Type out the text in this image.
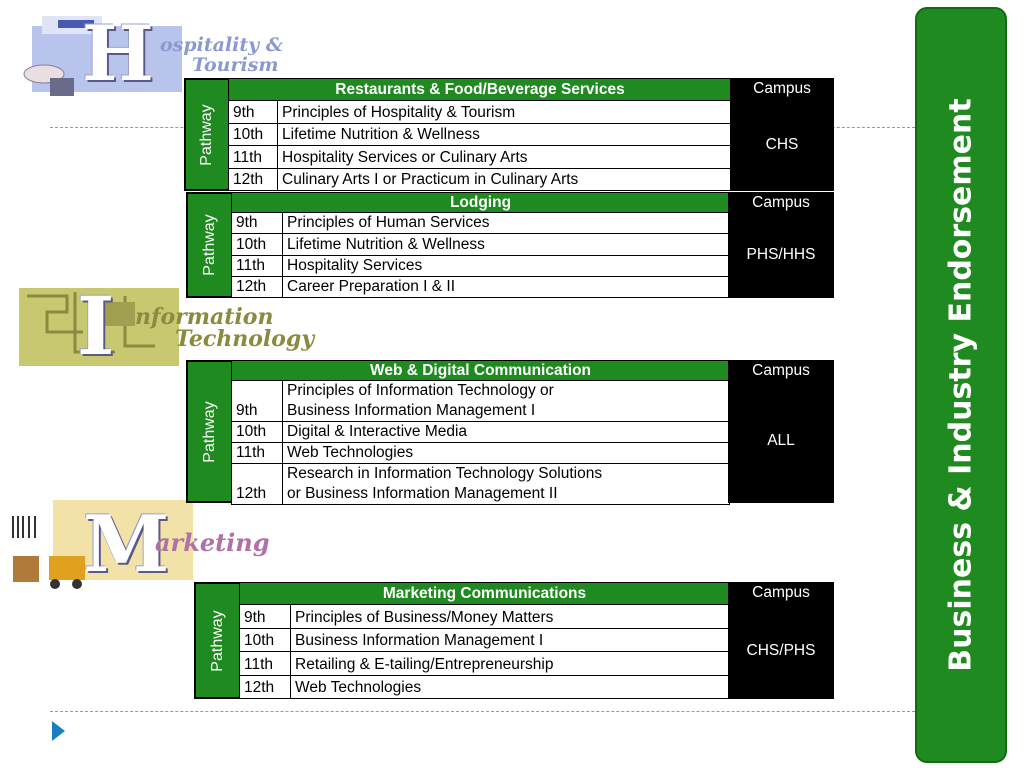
Business & Industry Endorsement
H ospitality &
Tourism
I nformation
Technology
M
arketing
Pathway
Restaurants & Food/Beverage Services	
9th	Principles of Hospitality & Tourism
10th	Lifetime Nutrition & Wellness
11th	Hospitality Services or Culinary Arts
12th	Culinary Arts I or Practicum in Culinary Arts
Campus
CHS
Pathway
Lodging	
9th	Principles of Human Services
10th	Lifetime Nutrition & Wellness
11th	Hospitality Services
12th	Career Preparation I & II
Campus
PHS/HHS
Pathway
Web & Digital Communication	
9th	Principles of Information Technology or
Business Information Management I

10th	Digital & Interactive Media
11th	Web Technologies
12th	Research in Information Technology Solutions
or Business Information Management II
Campus
ALL
Pathway
Marketing Communications	
9th	Principles of Business/Money Matters
10th	Business Information Management I
11th	Retailing & E-tailing/Entrepreneurship
12th	Web Technologies
Campus
CHS/PHS
